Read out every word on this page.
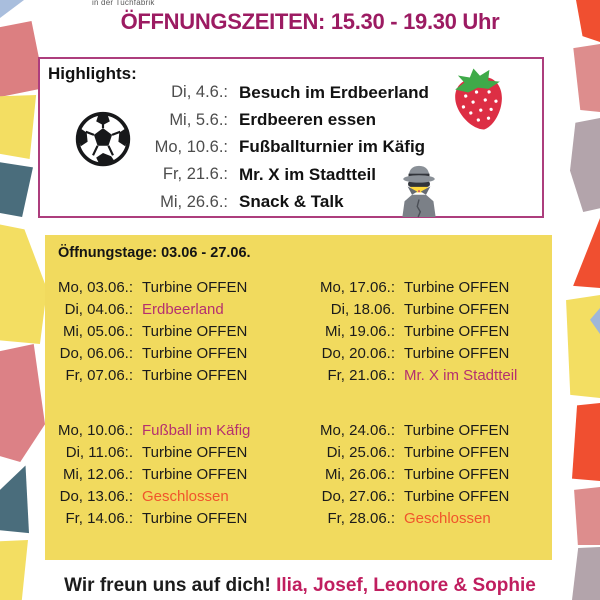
in der Tuchfabrik
ÖFFNUNGSZEITEN: 15.30 - 19.30 Uhr
Highlights:
Di, 4.6.: Besuch im Erdbeerland
Mi, 5.6.: Erdbeeren essen
Mo, 10.6.: Fußballturnier im Käfig
Fr, 21.6.: Mr. X im Stadtteil
Mi, 26.6.: Snack & Talk
Öffnungstage: 03.06 - 27.06.
Mo, 03.06.: Turbine OFFEN
Di, 04.06.: Erdbeerland
Mi, 05.06.: Turbine OFFEN
Do, 06.06.: Turbine OFFEN
Fr, 07.06.: Turbine OFFEN
Mo, 10.06.: Fußball im Käfig
Di, 11.06:. Turbine OFFEN
Mi, 12.06.: Turbine OFFEN
Do, 13.06.: Geschlossen
Fr, 14.06.: Turbine OFFEN
Mo, 17.06.: Turbine OFFEN
Di, 18.06. Turbine OFFEN
Mi, 19.06.: Turbine OFFEN
Do, 20.06.: Turbine OFFEN
Fr, 21.06.: Mr. X im Stadtteil
Mo, 24.06.: Turbine OFFEN
Di, 25.06.: Turbine OFFEN
Mi, 26.06.: Turbine OFFEN
Do, 27.06.: Turbine OFFEN
Fr, 28.06.: Geschlossen
Wir freun uns auf dich! Ilia, Josef, Leonore & Sophie
